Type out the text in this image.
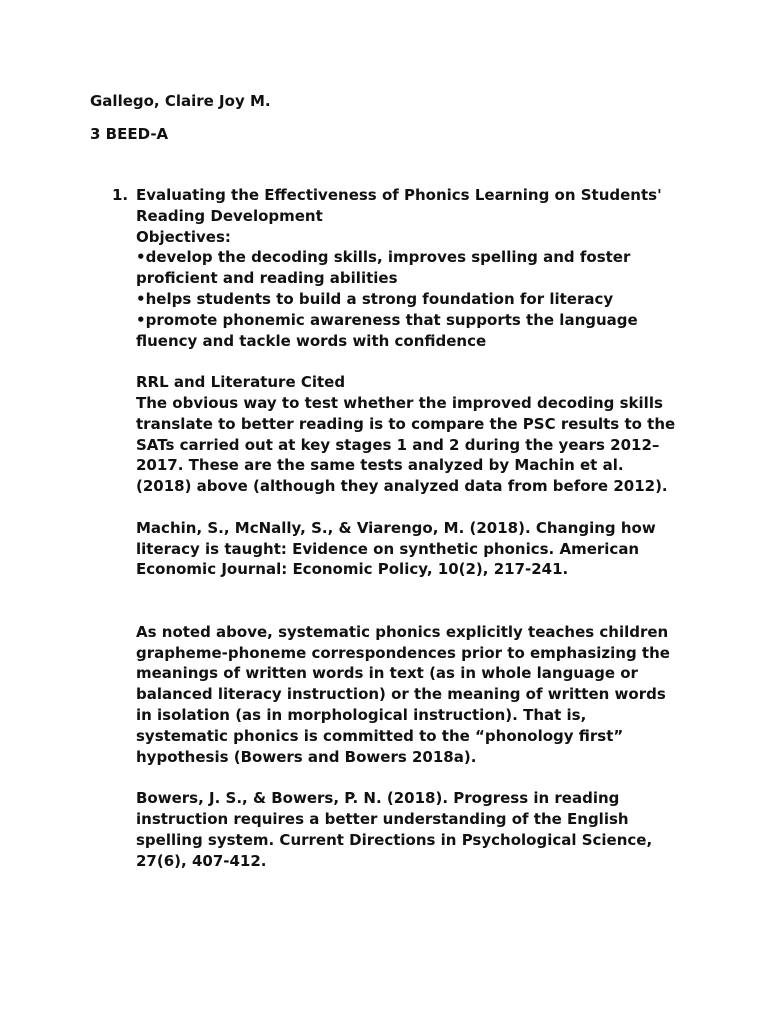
Gallego, Claire Joy M.

3 BEED-A

1. Evaluating the Effectiveness of Phonics Learning on Students'
Reading Development
Objectives:
•develop the decoding skills, improves spelling and foster
proficient and reading abilities
•helps students to build a strong foundation for literacy
•promote phonemic awareness that supports the language
fluency and tackle words with confidence
RRL and Literature Cited
The obvious way to test whether the improved decoding skills
translate to better reading is to compare the PSC results to the
SATs carried out at key stages 1 and 2 during the years 2012–
2017. These are the same tests analyzed by Machin et al.
(2018) above (although they analyzed data from before 2012).
Machin, S., McNally, S., & Viarengo, M. (2018). Changing how
literacy is taught: Evidence on synthetic phonics. American
Economic Journal: Economic Policy, 10(2), 217-241.
As noted above, systematic phonics explicitly teaches children
grapheme-phoneme correspondences prior to emphasizing the
meanings of written words in text (as in whole language or
balanced literacy instruction) or the meaning of written words
in isolation (as in morphological instruction). That is,
systematic phonics is committed to the “phonology first”
hypothesis (Bowers and Bowers 2018a).
Bowers, J. S., & Bowers, P. N. (2018). Progress in reading
instruction requires a better understanding of the English
spelling system. Current Directions in Psychological Science,
27(6), 407-412.
